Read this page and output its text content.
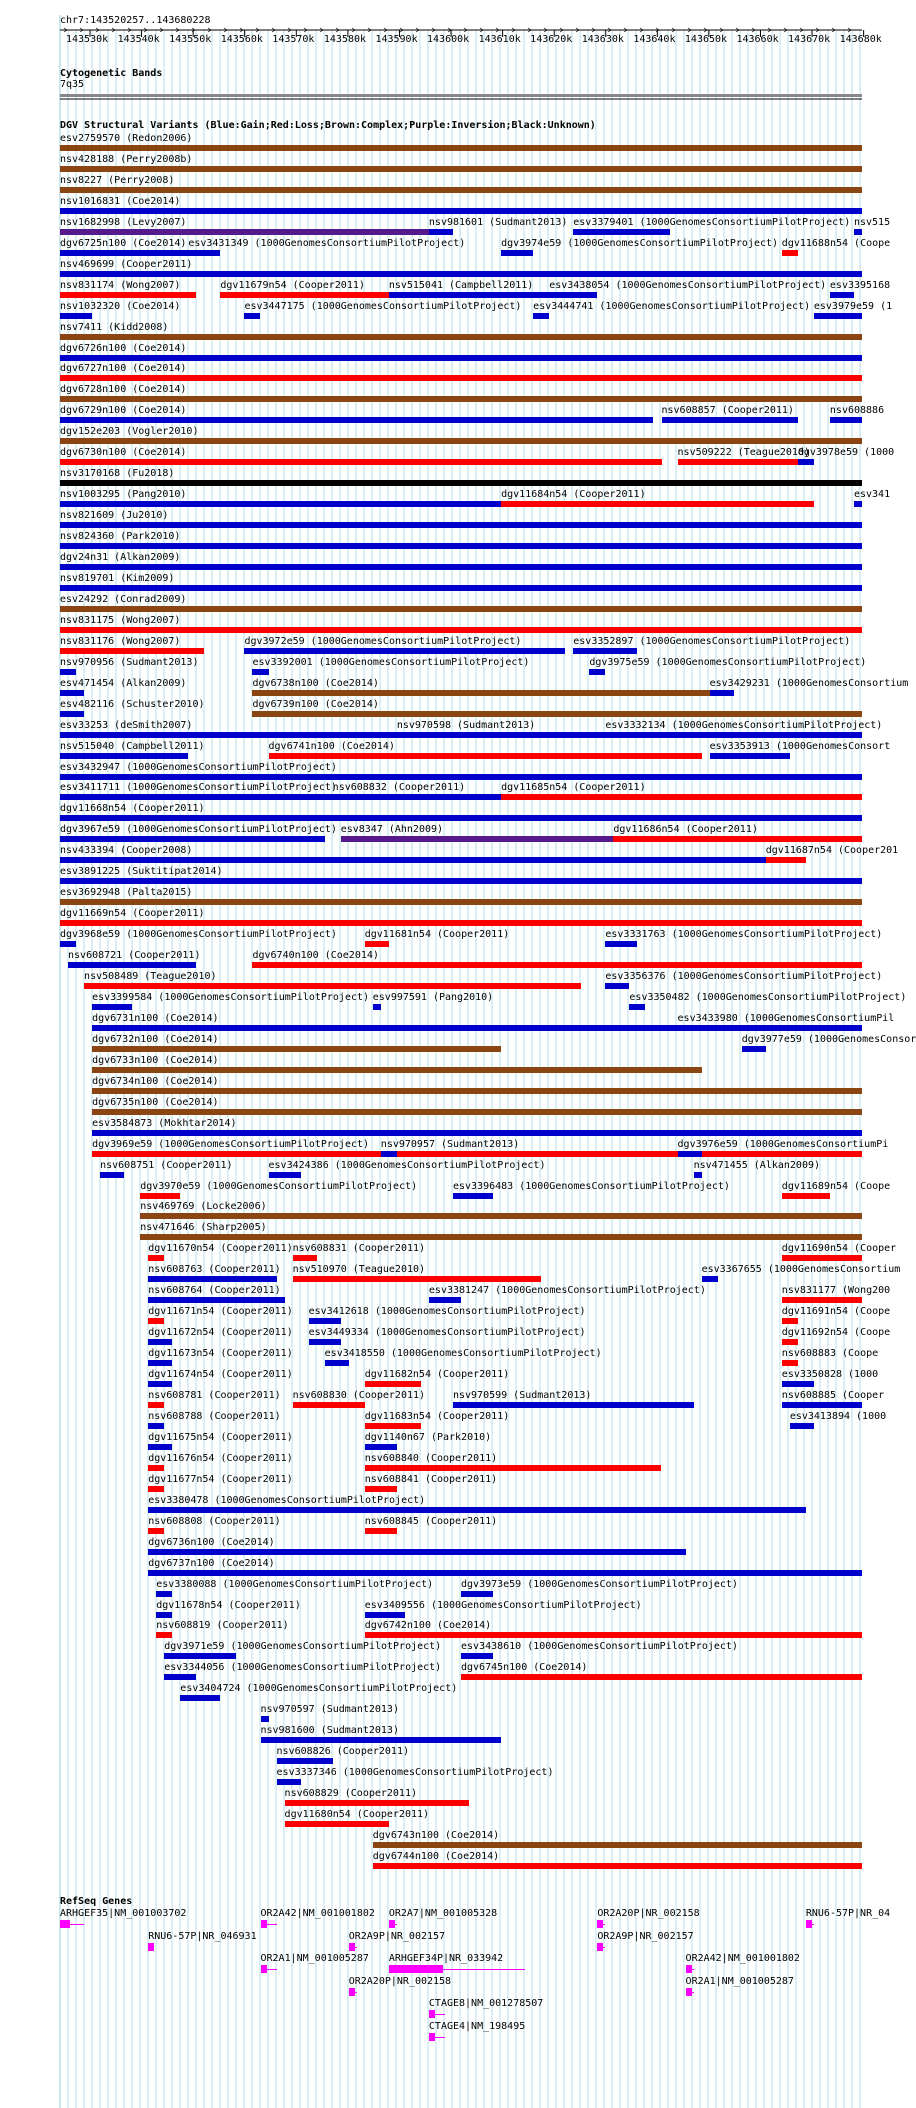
chr7:143520257..143680228
143530k 143540k 143550k 143560k 143570k 143580k 143590k 143600k 143610k 143620k 143630k 143640k 143650k 143660k 143670k 143680k
Cytogenetic Bands
7q35
DGV Structural Variants (Blue:Gain;Red:Loss;Brown:Complex;Purple:Inversion;Black:Unknown)
esv2759570 (Redon2006)
nsv428188 (Perry2008b)
nsv8227 (Perry2008)
nsv1016831 (Coe2014)
nsv1682998 (Levy2007)	nsv981601 (Sudmant2013) esv3379401 (1000GenomesConsortiumPilotProject) nsv515
dgv6725n100 (Coe2014) esv3431349 (1000GenomesConsortiumPilotProject)	dgv3974e59 (1000GenomesConsortiumPilotProject) dgv11688n54 (Coope
nsv469699 (Cooper2011)
nsv831174 (Wong2007)	dgv11679n54 (Cooper2011) nsv515041 (Campbell2011) esv3438054 (1000GenomesConsortiumPilotProject) esv3395168
nsv1032320 (Coe2014)	esv3447175 (1000GenomesConsortiumPilotProject) esv3444741 (1000GenomesConsortiumPilotProject) esv3979e59 (1
nsv7411 (Kidd2008)
dgv6726n100 (Coe2014)
dgv6727n100 (Coe2014)
dgv6728n100 (Coe2014)
dgv6729n100 (Coe2014)	nsv608857 (Cooper2011)	nsv608886
dgv152e203 (Vogler2010)
dgv6730n100 (Coe2014)	nsv509222 (Teague2010)
dgv3978e59 (1000
nsv3170168 (Fu2018)
nsv1003295 (Pang2010)	dgv11684n54 (Cooper2011)	esv341
nsv821609 (Ju2010)
nsv824360 (Park2010)
dgv24n31 (Alkan2009)
nsv819701 (Kim2009)
esv24292 (Conrad2009)
nsv831175 (Wong2007)
nsv831176 (Wong2007)	dgv3972e59 (1000GenomesConsortiumPilotProject)	esv3352897 (1000GenomesConsortiumPilotProject)
nsv970956 (Sudmant2013)	esv3392001 (1000GenomesConsortiumPilotProject)	dgv3975e59 (1000GenomesConsortiumPilotProject)
esv471454 (Alkan2009)	dgv6738n100 (Coe2014)	esv3429231 (1000GenomesConsortium
esv482116 (Schuster2010)	dgv6739n100 (Coe2014)
esv33253 (deSmith2007)	nsv970598 (Sudmant2013)	esv3332134 (1000GenomesConsortiumPilotProject)
nsv515040 (Campbell2011)	dgv6741n100 (Coe2014)	esv3353913 (1000GenomesConsort
esv3432947 (1000GenomesConsortiumPilotProject)
esv3411711 (1000GenomesConsortiumPilotProject)
nsv608832 (Cooper2011)	dgv11685n54 (Cooper2011)
dgv11668n54 (Cooper2011)
dgv3967e59 (1000GenomesConsortiumPilotProject) esv8347 (Ahn2009)	dgv11686n54 (Cooper2011)
nsv433394 (Cooper2008)	dgv11687n54 (Cooper201
esv3891225 (Suktitipat2014)
esv3692948 (Palta2015)
dgv11669n54 (Cooper2011)
dgv3968e59 (1000GenomesConsortiumPilotProject)	dgv11681n54 (Cooper2011)	esv3331763 (1000GenomesConsortiumPilotProject)
nsv608721 (Cooper2011)	dgv6740n100 (Coe2014)
nsv508489 (Teague2010)	esv3356376 (1000GenomesConsortiumPilotProject)
esv3399584 (1000GenomesConsortiumPilotProject) esv997591 (Pang2010)	esv3350482 (1000GenomesConsortiumPilotProject)
dgv6731n100 (Coe2014)	esv3433980 (1000GenomesConsortiumPil
dgv6732n100 (Coe2014)	dgv3977e59 (1000GenomesConsor
dgv6733n100 (Coe2014)
dgv6734n100 (Coe2014)
dgv6735n100 (Coe2014)
esv3584873 (Mokhtar2014)
dgv3969e59 (1000GenomesConsortiumPilotProject) nsv970957 (Sudmant2013)	dgv3976e59 (1000GenomesConsortiumPi
nsv608751 (Cooper2011)	esv3424386 (1000GenomesConsortiumPilotProject)	nsv471455 (Alkan2009)
dgv3970e59 (1000GenomesConsortiumPilotProject)	esv3396483 (1000GenomesConsortiumPilotProject)	dgv11689n54 (Coope
nsv469769 (Locke2006)
nsv471646 (Sharp2005)
dgv11670n54 (Cooper2011) nsv608831 (Cooper2011)	dgv11690n54 (Cooper
nsv608763 (Cooper2011) nsv510970 (Teague2010)	esv3367655 (1000GenomesConsortium
nsv608764 (Cooper2011)	esv3381247 (1000GenomesConsortiumPilotProject)	nsv831177 (Wong200
dgv11671n54 (Cooper2011) esv3412618 (1000GenomesConsortiumPilotProject)	dgv11691n54 (Coope
dgv11672n54 (Cooper2011) esv3449334 (1000GenomesConsortiumPilotProject)	dgv11692n54 (Coope
dgv11673n54 (Cooper2011)	esv3418550 (1000GenomesConsortiumPilotProject)	nsv608883 (Coope
dgv11674n54 (Cooper2011)	dgv11682n54 (Cooper2011)	esv3350828 (1000
nsv608781 (Cooper2011) nsv608830 (Cooper2011)	nsv970599 (Sudmant2013)	nsv608885 (Cooper
nsv608788 (Cooper2011)	dgv11683n54 (Cooper2011)	esv3413894 (1000
dgv11675n54 (Cooper2011)	dgv1140n67 (Park2010)
dgv11676n54 (Cooper2011)	nsv608840 (Cooper2011)
dgv11677n54 (Cooper2011)	nsv608841 (Cooper2011)
esv3380478 (1000GenomesConsortiumPilotProject)
nsv608808 (Cooper2011)	nsv608845 (Cooper2011)
dgv6736n100 (Coe2014)
dgv6737n100 (Coe2014)
esv3380088 (1000GenomesConsortiumPilotProject)	dgv3973e59 (1000GenomesConsortiumPilotProject)
dgv11678n54 (Cooper2011)	esv3409556 (1000GenomesConsortiumPilotProject)
nsv608819 (Cooper2011)	dgv6742n100 (Coe2014)
dgv3971e59 (1000GenomesConsortiumPilotProject) esv3438610 (1000GenomesConsortiumPilotProject)
esv3344056 (1000GenomesConsortiumPilotProject) dgv6745n100 (Coe2014)
esv3404724 (1000GenomesConsortiumPilotProject)
nsv970597 (Sudmant2013)
nsv981600 (Sudmant2013)
nsv608826 (Cooper2011)
esv3337346 (1000GenomesConsortiumPilotProject)
nsv608829 (Cooper2011)
dgv11680n54 (Cooper2011)
dgv6743n100 (Coe2014)
dgv6744n100 (Coe2014)
RefSeq Genes
ARHGEF35|NM_001003702	OR2A42|NM_001001802 OR2A7|NM_001005328	OR2A20P|NR_002158	RNU6-57P|NR_04
RNU6-57P|NR_046931	OR2A9P|NR_002157	OR2A9P|NR_002157
OR2A1|NM_001005287 ARHGEF34P|NR_033942	OR2A42|NM_001001802
OR2A20P|NR_002158	OR2A1|NM_001005287
CTAGE8|NM_001278507
CTAGE4|NM_198495
